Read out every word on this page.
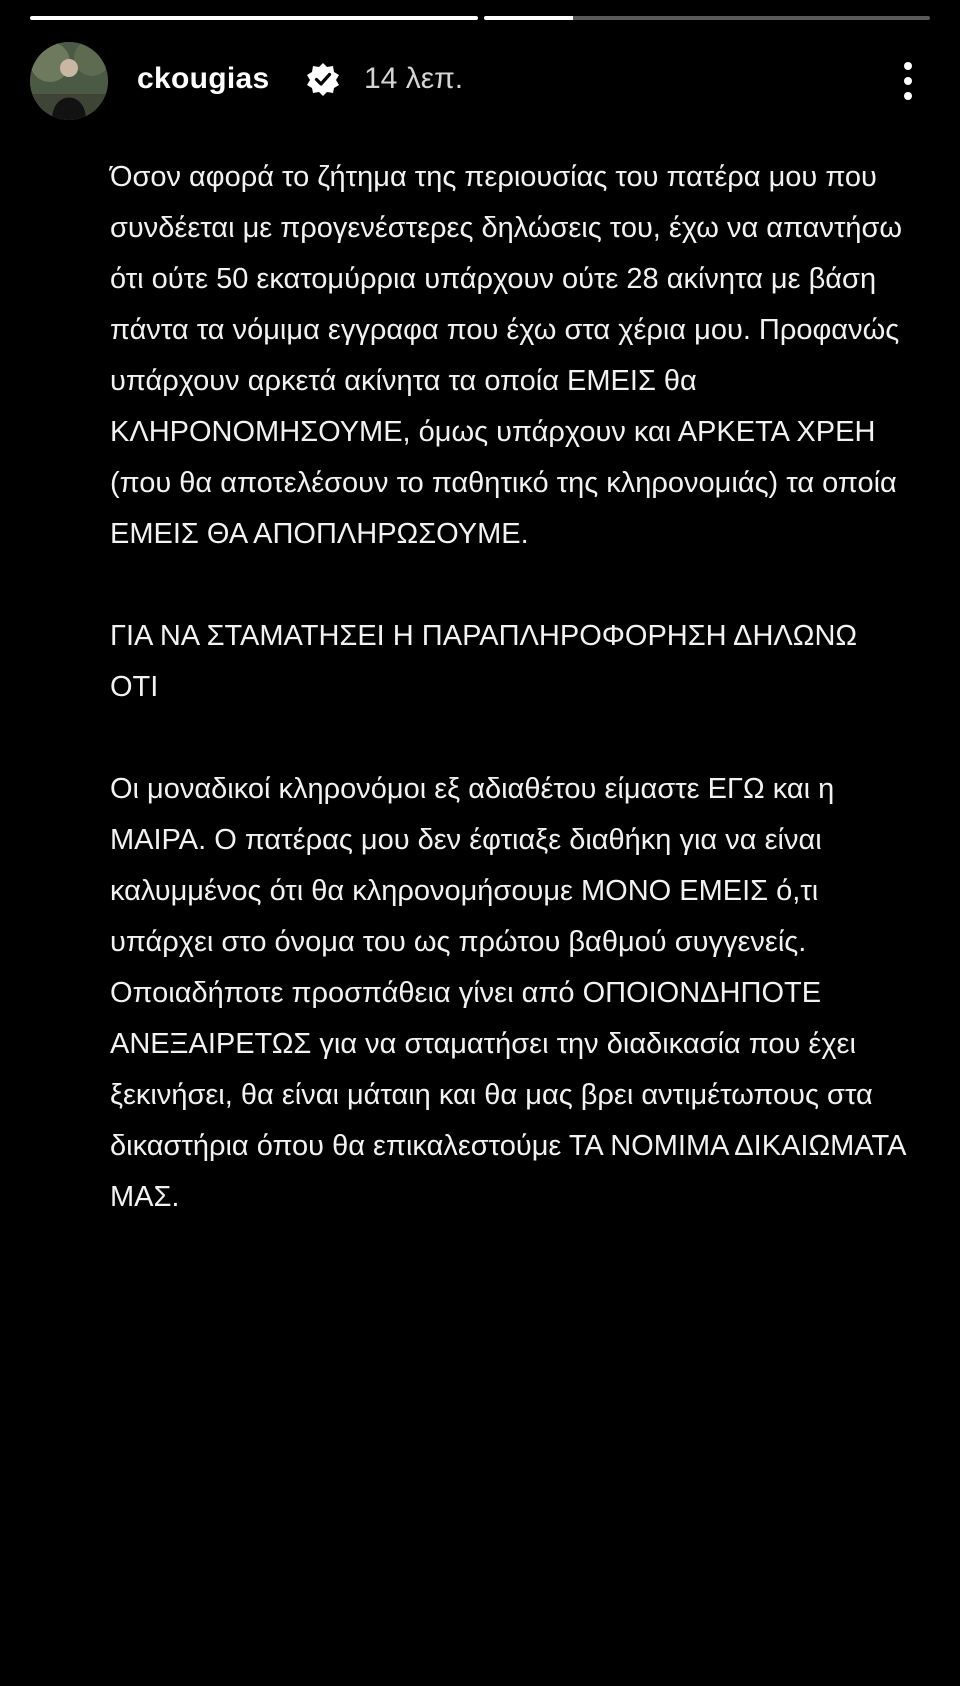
ckougias	14 λεπ.

Όσον αφορά το ζήτημα της περιουσίας του πατέρα μου που συνδέεται με προγενέστερες δηλώσεις του, έχω να απαντήσω ότι ούτε 50 εκατομύρρια υπάρχουν ούτε 28 ακίνητα με βάση πάντα τα νόμιμα εγγραφα που έχω στα χέρια μου. Προφανώς υπάρχουν αρκετά ακίνητα τα οποία ΕΜΕΙΣ θα ΚΛΗΡΟΝΟΜΗΣΟΥΜΕ, όμως υπάρχουν και ΑΡΚΕΤΑ ΧΡΕΗ (που θα αποτελέσουν το παθητικό της κληρονομιάς) τα οποία ΕΜΕΙΣ ΘΑ ΑΠΟΠΛΗΡΩΣΟΥΜΕ.

ΓΙΑ ΝΑ ΣΤΑΜΑΤΗΣΕΙ Η ΠΑΡΑΠΛΗΡΟΦΟΡΗΣΗ ΔΗΛΩΝΩ ΟΤΙ

Οι μοναδικοί κληρονόμοι εξ αδιαθέτου είμαστε ΕΓΩ και η ΜΑΙΡΑ. Ο πατέρας μου δεν έφτιαξε διαθήκη για να είναι καλυμμένος ότι θα κληρονομήσουμε ΜΟΝΟ ΕΜΕΙΣ ό,τι υπάρχει στο όνομα του ως πρώτου βαθμού συγγενείς. Οποιαδήποτε προσπάθεια γίνει από ΟΠΟΙΟΝΔΗΠΟΤΕ ΑΝΕΞΑΙΡΕΤΩΣ για να σταματήσει την διαδικασία που έχει ξεκινήσει, θα είναι μάταιη και θα μας βρει αντιμέτωπους στα δικαστήρια όπου θα επικαλεστούμε ΤΑ ΝΟΜΙΜΑ ΔΙΚΑΙΩΜΑΤΑ ΜΑΣ.
